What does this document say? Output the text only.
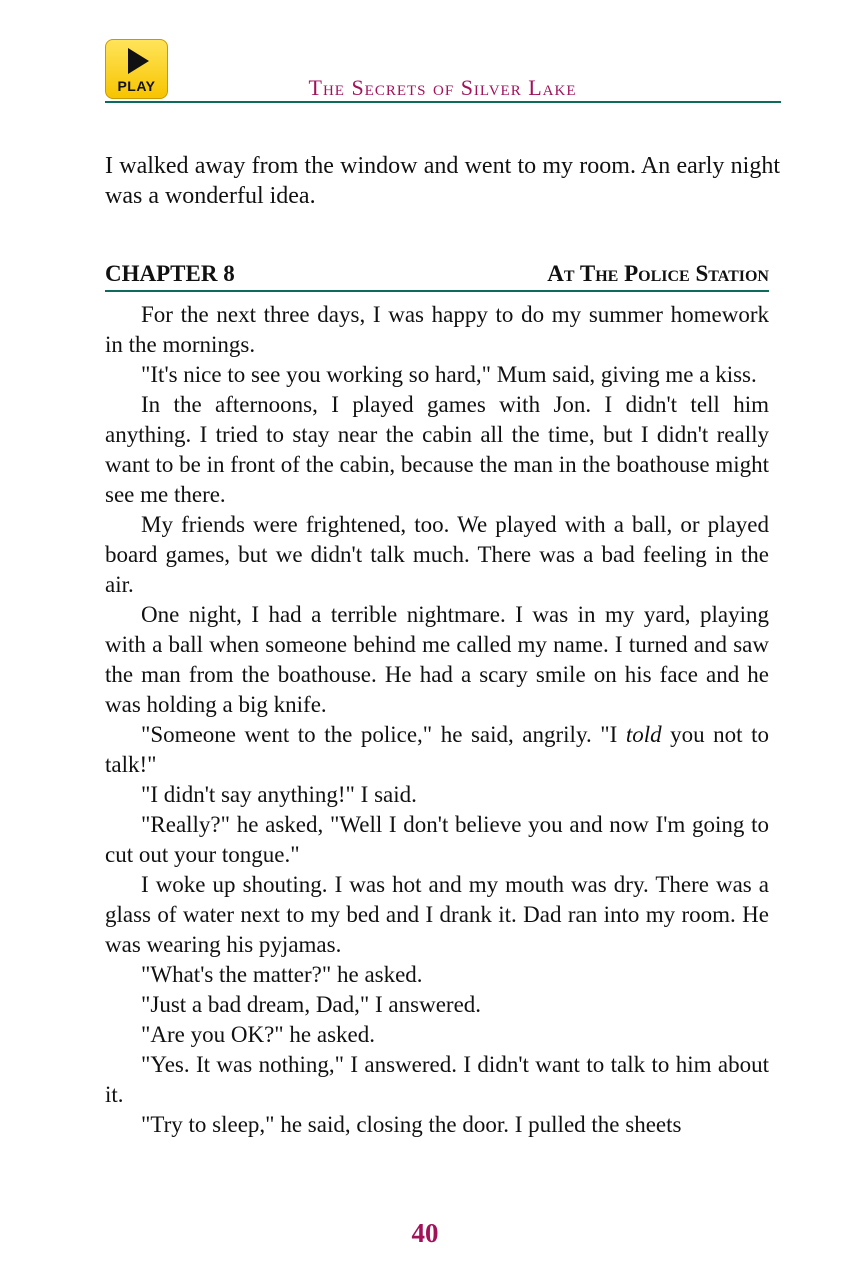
PLAY	The Secrets of Silver Lake

I walked away from the window and went to my room. An early night was a wonderful idea.

CHAPTER 8	At The Police Station

For the next three days, I was happy to do my summer homework in the mornings.

"It's nice to see you working so hard," Mum said, giving me a kiss.

In the afternoons, I played games with Jon. I didn't tell him anything. I tried to stay near the cabin all the time, but I didn't really want to be in front of the cabin, because the man in the boathouse might see me there.

My friends were frightened, too. We played with a ball, or played board games, but we didn't talk much. There was a bad feeling in the air.

One night, I had a terrible nightmare. I was in my yard, playing with a ball when someone behind me called my name. I turned and saw the man from the boathouse. He had a scary smile on his face and he was holding a big knife.

"Someone went to the police," he said, angrily. "I told you not to talk!"

"I didn't say anything!" I said.

"Really?" he asked, "Well I don't believe you and now I'm going to cut out your tongue."

I woke up shouting. I was hot and my mouth was dry. There was a glass of water next to my bed and I drank it. Dad ran into my room. He was wearing his pyjamas.

"What's the matter?" he asked.

"Just a bad dream, Dad," I answered.

"Are you OK?" he asked.

"Yes. It was nothing," I answered. I didn't want to talk to him about it.

"Try to sleep," he said, closing the door. I pulled the sheets

40
